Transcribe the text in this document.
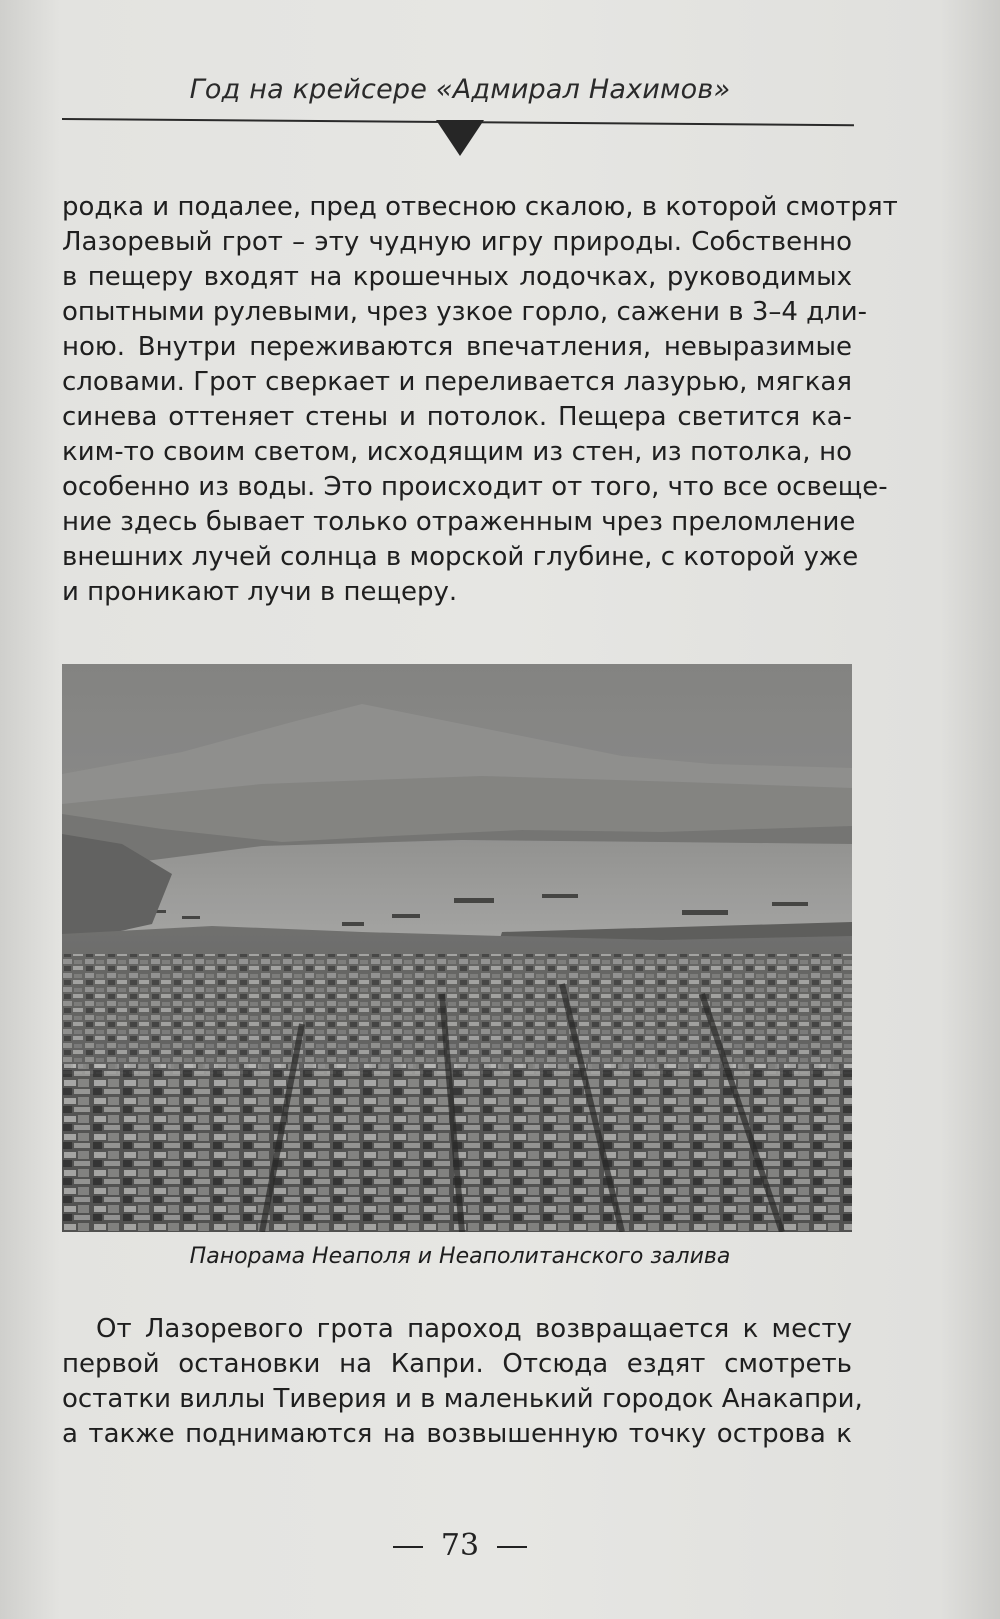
Год на крейсере «Адмирал Нахимов»
родка и подалее, пред отвесною скалою, в которой смотрят
Лазоревый грот – эту чудную игру природы. Собственно
в пещеру входят на крошечных лодочках, руководимых
опытными рулевыми, чрез узкое горло, сажени в 3–4 дли-
ною. Внутри переживаются впечатления, невыразимые
словами. Грот сверкает и переливается лазурью, мягкая
синева оттеняет стены и потолок. Пещера светится ка-
ким-то своим светом, исходящим из стен, из потолка, но
особенно из воды. Это происходит от того, что все освеще-
ние здесь бывает только отраженным чрез преломление
внешних лучей солнца в морской глубине, с которой уже
и проникают лучи в пещеру.
Панорама Неаполя и Неаполитанского залива
От Лазоревого грота пароход возвращается к месту
первой остановки на Капри. Отсюда ездят смотреть
остатки виллы Тиверия и в маленький городок Анакапри,
а также поднимаются на возвышенную точку острова к
73
